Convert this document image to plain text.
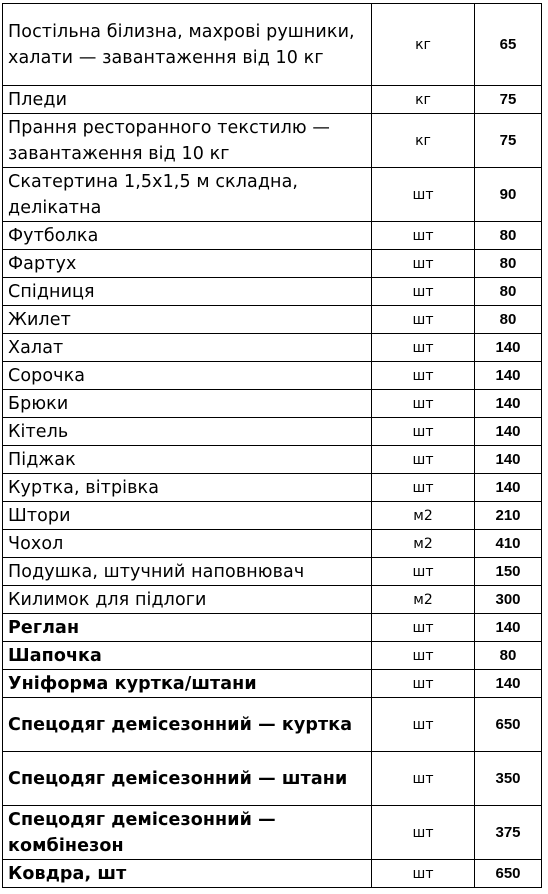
Постільна білизна, махрові рушники, халати — завантаження від 10 кг	кг	65
Пледи	кг	75
Прання ресторанного текстилю — завантаження від 10 кг	кг	75
Скатертина 1,5х1,5 м складна, делікатна	шт	90
Футболка	шт	80
Фартух	шт	80
Спідниця	шт	80
Жилет	шт	80
Халат	шт	140
Сорочка	шт	140
Брюки	шт	140
Кітель	шт	140
Піджак	шт	140
Куртка, вітрівка	шт	140
Штори	м2	210
Чохол	м2	410
Подушка, штучний наповнювач	шт	150
Килимок для підлоги	м2	300
Реглан	шт	140
Шапочка	шт	80
Уніформа куртка/штани	шт	140
Спецодяг демісезонний — куртка	шт	650
Спецодяг демісезонний — штани	шт	350
Спецодяг демісезонний — комбінезон	шт	375
Ковдра, шт	шт	650
